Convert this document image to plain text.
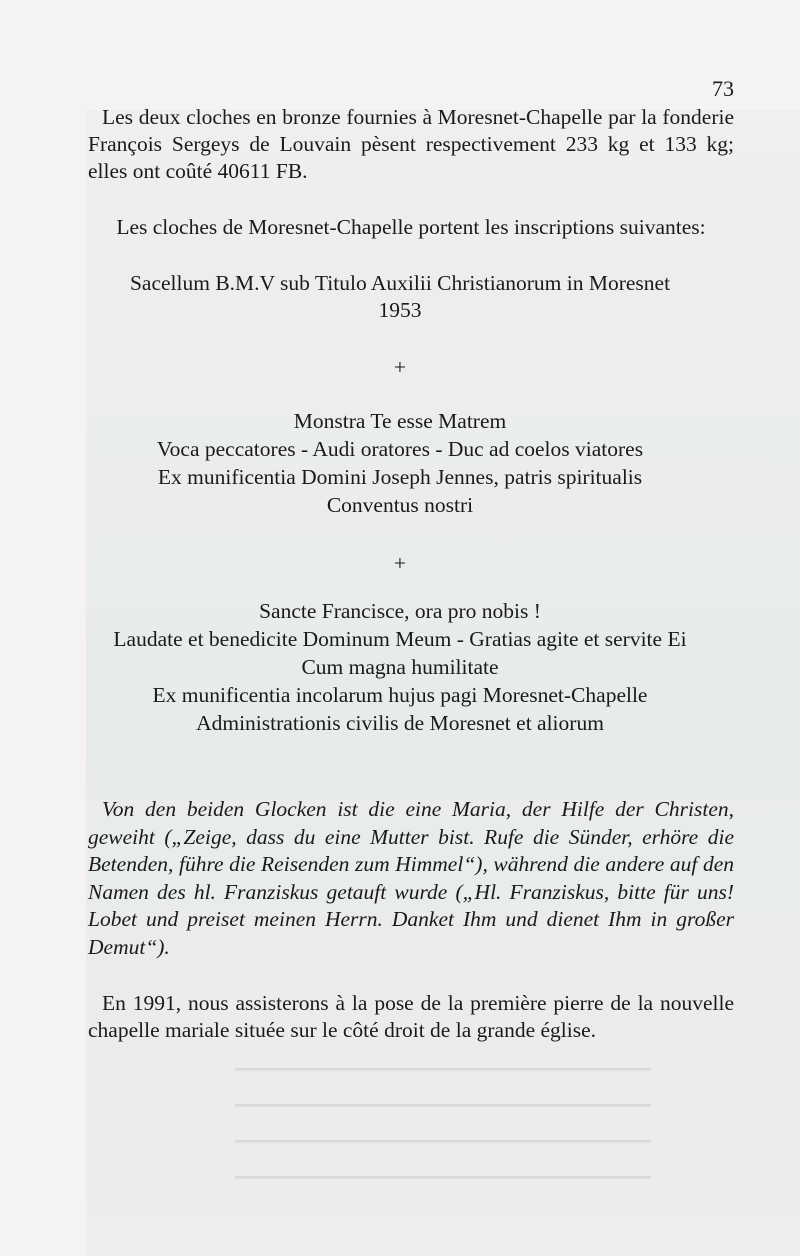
━━━━━━━━━━━━━━━━━━━━━━━━━━━━━━━━━━━━━━━━━━━━━━
━━━━━━━━━━━━━━━━━━━━━━━━━━━━━━━━━━━━━━━━━━━━━━
━━━━━━━━━━━━━━━━━━━━━━━━━━━━━━━━━━━━━━━━━━━━━━
━━━━━━━━━━━━━━━━━━━━━━━━━━━━━━━━━━━━━━━━━━━━━━
73

Les deux cloches en bronze fournies à Moresnet-Chapelle par la fonderie François Sergeys de Louvain pèsent respectivement 233 kg et 133 kg; elles ont coûté 40611 FB.

Les cloches de Moresnet-Chapelle portent les inscriptions suivantes:

Sacellum B.M.V sub Titulo Auxilii Christianorum in Moresnet
1953
+
Monstra Te esse Matrem
Voca peccatores - Audi oratores - Duc ad coelos viatores
Ex munificentia Domini Joseph Jennes, patris spiritualis
Conventus nostri
+
Sancte Francisce, ora pro nobis !
Laudate et benedicite Dominum Meum - Gratias agite et servite Ei
Cum magna humilitate
Ex munificentia incolarum hujus pagi Moresnet-Chapelle
Administrationis civilis de Moresnet et aliorum

Von den beiden Glocken ist die eine Maria, der Hilfe der Christen, geweiht („Zeige, dass du eine Mutter bist. Rufe die Sünder, erhöre die Betenden, führe die Reisenden zum Himmel“), während die andere auf den Namen des hl. Franziskus getauft wurde („Hl. Franziskus, bitte für uns! Lobet und preiset meinen Herrn. Danket Ihm und dienet Ihm in großer Demut“).

En 1991, nous assisterons à la pose de la première pierre de la nouvelle chapelle mariale située sur le côté droit de la grande église.
